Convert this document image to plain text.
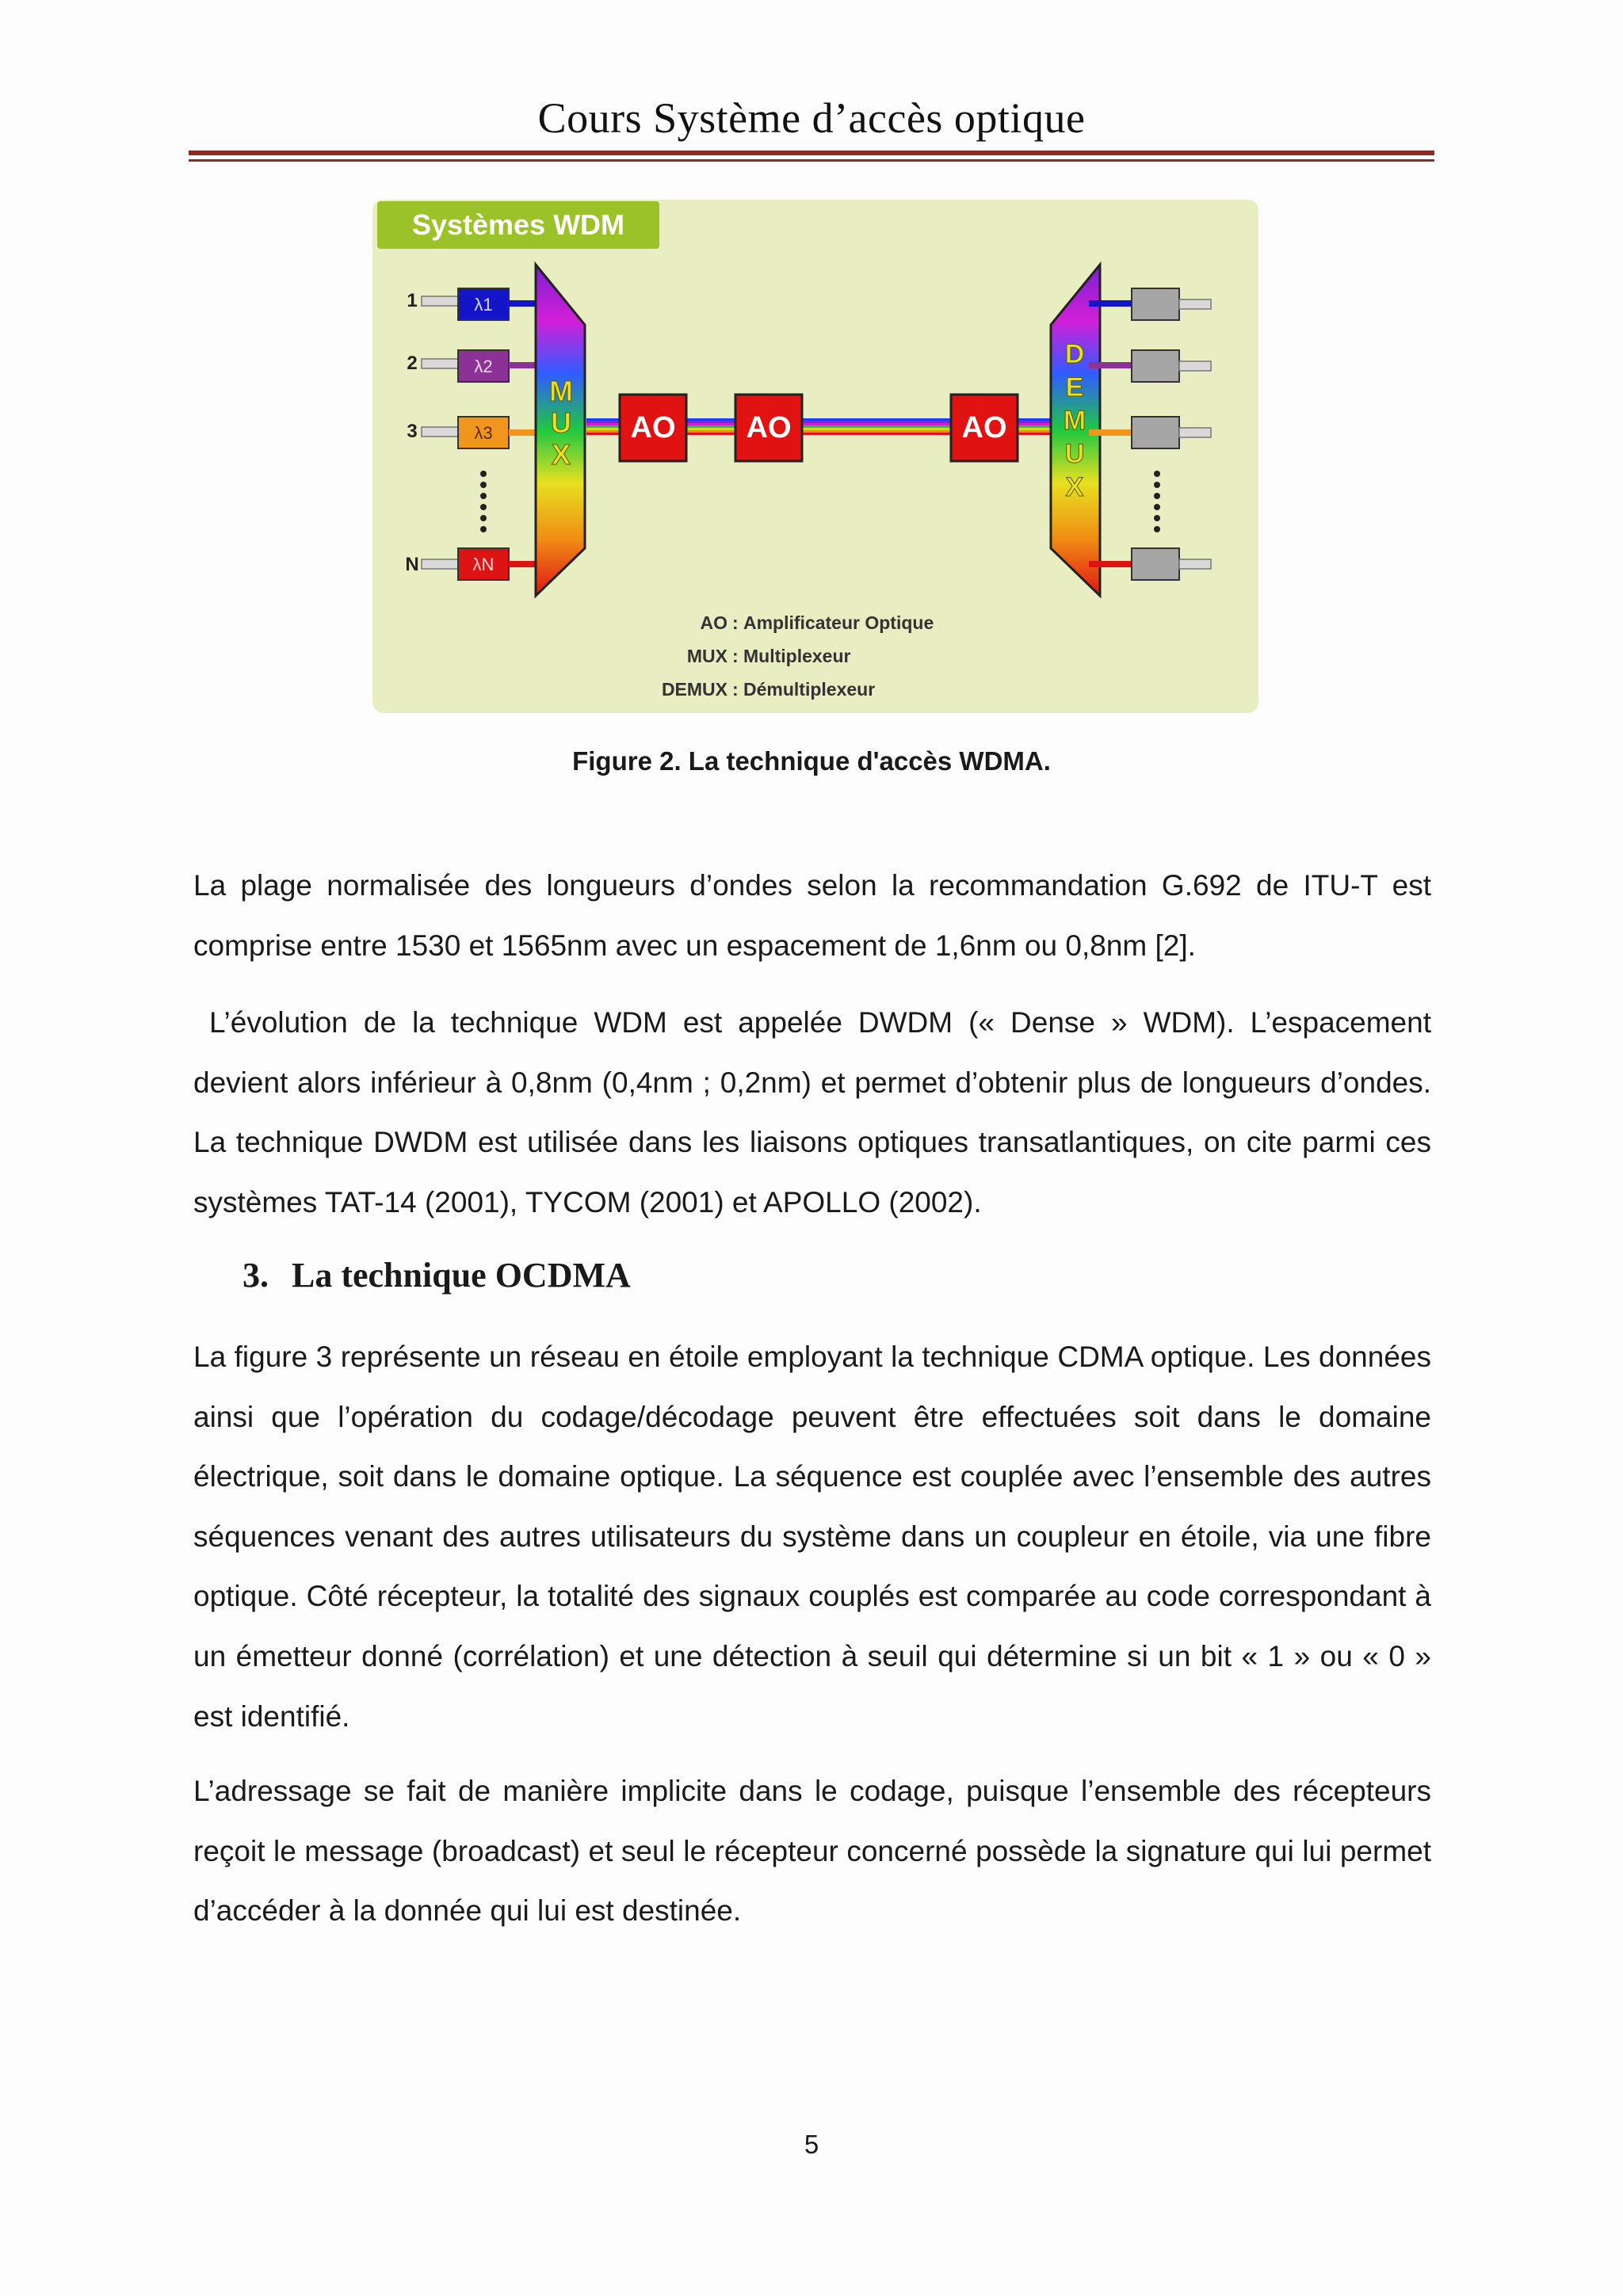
Cours Système d’accès optique
Systèmes WDM
1	λ1
2	λ2
3	λ3
N	λN
M
U
X
AO AO	AO
D
E
M
U
X
AO : Amplificateur Optique
MUX : Multiplexeur
DEMUX : Démultiplexeur
Figure 2. La technique d'accès WDMA.

La plage normalisée des longueurs d’ondes selon la recommandation G.692 de ITU-T est comprise entre 1530 et 1565nm avec un espacement de 1,6nm ou 0,8nm [2].

L’évolution de la technique WDM est appelée DWDM (« Dense » WDM). L’espacement devient alors inférieur à 0,8nm (0,4nm ; 0,2nm) et permet d’obtenir plus de longueurs d’ondes. La technique DWDM est utilisée dans les liaisons optiques transatlantiques, on cite parmi ces systèmes TAT-14 (2001), TYCOM (2001) et APOLLO (2002).

3. La technique OCDMA

La figure 3 représente un réseau en étoile employant la technique CDMA optique. Les données ainsi que l’opération du codage/décodage peuvent être effectuées soit dans le domaine électrique, soit dans le domaine optique. La séquence est couplée avec l’ensemble des autres séquences venant des autres utilisateurs du système dans un coupleur en étoile, via une fibre optique. Côté récepteur, la totalité des signaux couplés est comparée au code correspondant à un émetteur donné (corrélation) et une détection à seuil qui détermine si un bit « 1 » ou « 0 » est identifié.

L’adressage se fait de manière implicite dans le codage, puisque l’ensemble des récepteurs reçoit le message (broadcast) et seul le récepteur concerné possède la signature qui lui permet d’accéder à la donnée qui lui est destinée.

5
